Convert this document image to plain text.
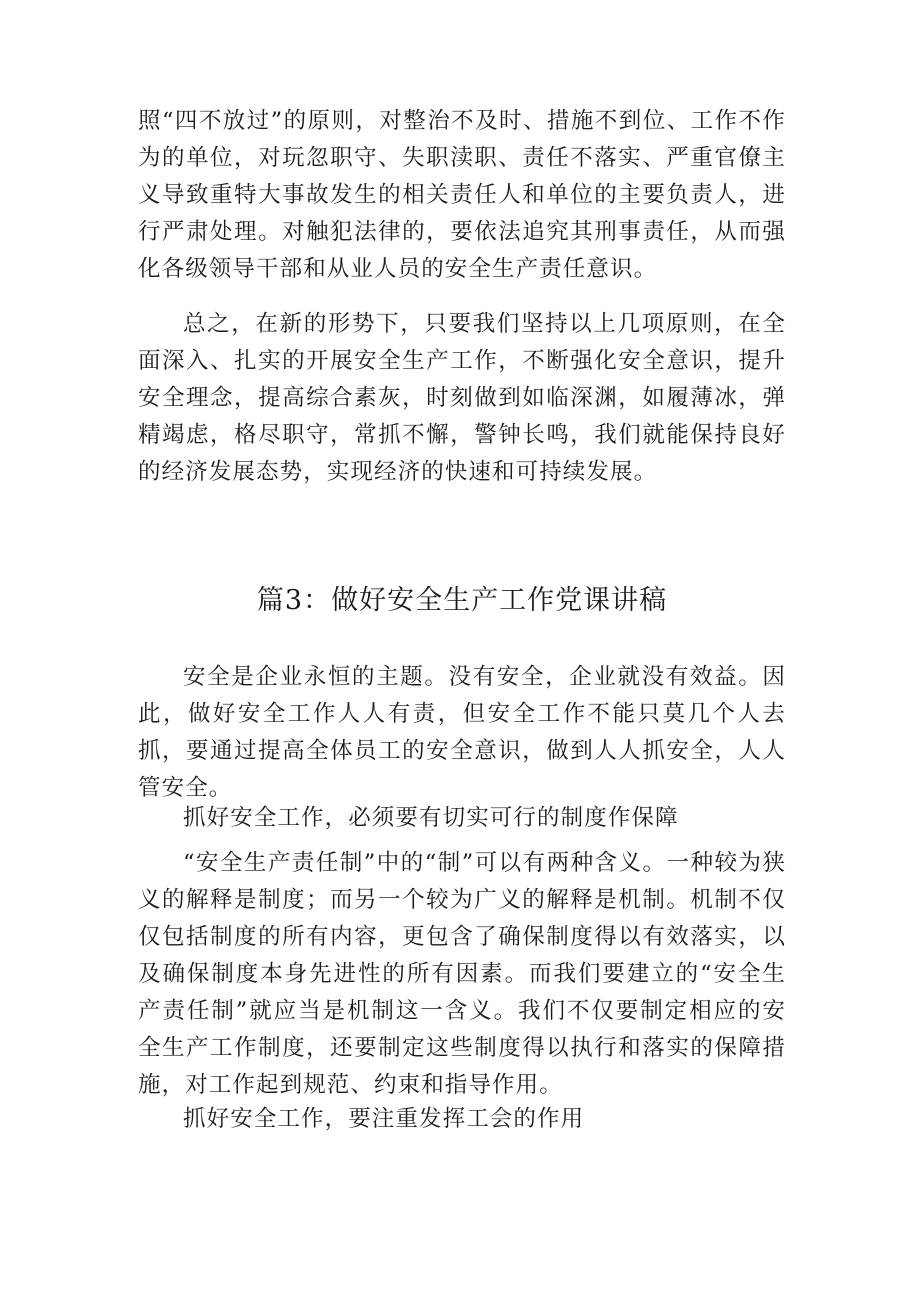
照“四不放过”的原则，对整治不及时、措施不到位、工作不作为的单位，对玩忽职守、失职渎职、责任不落实、严重官僚主义导致重特大事故发生的相关责任人和单位的主要负责人，进行严肃处理。对触犯法律的，要依法追究其刑事责任，从而强化各级领导干部和从业人员的安全生产责任意识。

总之，在新的形势下，只要我们坚持以上几项原则，在全面深入、扎实的开展安全生产工作，不断强化安全意识，提升安全理念，提高综合素灰，时刻做到如临深渊，如履薄冰，弹精竭虑，格尽职守，常抓不懈，警钟长鸣，我们就能保持良好的经济发展态势，实现经济的快速和可持续发展。

篇3：做好安全生产工作党课讲稿

安全是企业永恒的主题。没有安全，企业就没有效益。因此，做好安全工作人人有责，但安全工作不能只莫几个人去抓，要通过提高全体员工的安全意识，做到人人抓安全，人人管安全。

抓好安全工作，必须要有切实可行的制度作保障

“安全生产责任制”中的“制”可以有两种含义。一种较为狭义的解释是制度；而另一个较为广义的解释是机制。机制不仅仅包括制度的所有内容，更包含了确保制度得以有效落实，以及确保制度本身先进性的所有因素。而我们要建立的“安全生产责任制”就应当是机制这一含义。我们不仅要制定相应的安全生产工作制度，还要制定这些制度得以执行和落实的保障措施，对工作起到规范、约束和指导作用。

抓好安全工作，要注重发挥工会的作用
